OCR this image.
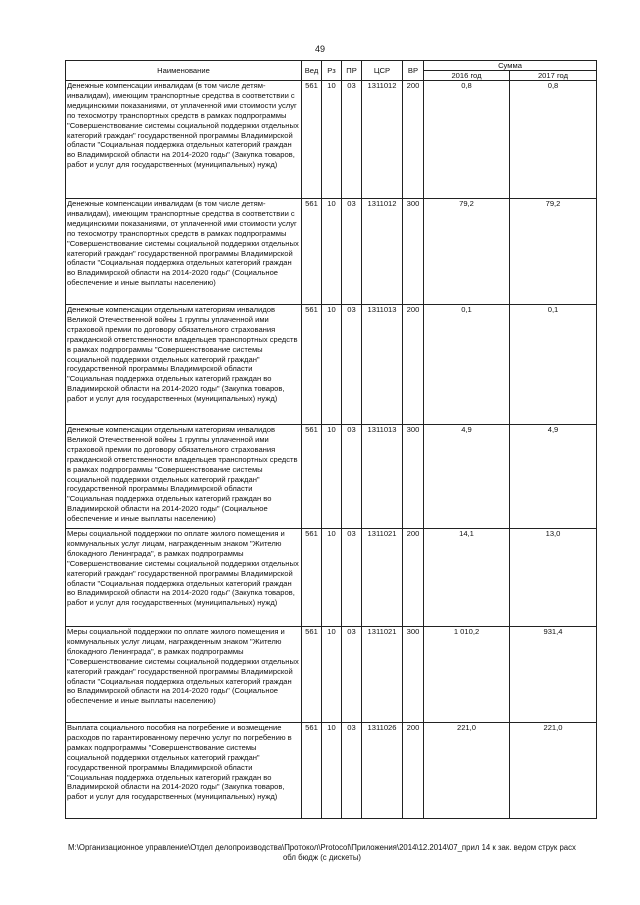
49
Наименование	Вед	Рз	ПР	ЦСР	ВР	Сумма	
						2016 год	2017 год
Денежные компенсации инвалидам (в том числе детям-инвалидам), имеющим транспортные средства в соответствии с медицинскими показаниями, от уплаченной ими стоимости услуг по техосмотру транспортных средств в рамках подпрограммы "Совершенствование системы социальной поддержки отдельных категорий граждан" государственной программы Владимирской области "Социальная поддержка отдельных категорий граждан во Владимирской области на 2014-2020 годы" (Закупка товаров, работ и услуг для государственных (муниципальных) нужд)	561	10	03	1311012	200	0,8	0,8
Денежные компенсации инвалидам (в том числе детям-инвалидам), имеющим транспортные средства в соответствии с медицинскими показаниями, от уплаченной ими стоимости услуг по техосмотру транспортных средств в рамках подпрограммы "Совершенствование системы социальной поддержки отдельных категорий граждан" государственной программы Владимирской области "Социальная поддержка отдельных категорий граждан во Владимирской области на 2014-2020 годы" (Социальное обеспечение и иные выплаты населению)	561	10	03	1311012	300	79,2	79,2
Денежные компенсации отдельным категориям инвалидов Великой Отечественной войны 1 группы уплаченной ими страховой премии по договору обязательного страхования гражданской ответственности владельцев транспортных средств в рамках подпрограммы "Совершенствование системы социальной поддержки отдельных категорий граждан" государственной программы Владимирской области "Социальная поддержка отдельных категорий граждан во Владимирской области на 2014-2020 годы" (Закупка товаров, работ и услуг для государственных (муниципальных) нужд)	561	10	03	1311013	200	0,1	0,1
Денежные компенсации отдельным категориям инвалидов Великой Отечественной войны 1 группы уплаченной ими страховой премии по договору обязательного страхования гражданской ответственности владельцев транспортных средств в рамках подпрограммы "Совершенствование системы социальной поддержки отдельных категорий граждан" государственной программы Владимирской области "Социальная поддержка отдельных категорий граждан во Владимирской области на 2014-2020 годы" (Социальное обеспечение и иные выплаты населению)	561	10	03	1311013	300	4,9	4,9
Меры социальной поддержки по оплате жилого помещения и коммунальных услуг лицам, награжденным знаком "Жителю блокадного Ленинграда", в рамках подпрограммы "Совершенствование системы социальной поддержки отдельных категорий граждан" государственной программы Владимирской области "Социальная поддержка отдельных категорий граждан во Владимирской области на 2014-2020 годы" (Закупка товаров, работ и услуг для государственных (муниципальных) нужд)	561	10	03	1311021	200	14,1	13,0
Меры социальной поддержки по оплате жилого помещения и коммунальных услуг лицам, награжденным знаком "Жителю блокадного Ленинграда", в рамках подпрограммы "Совершенствование системы социальной поддержки отдельных категорий граждан" государственной программы Владимирской области "Социальная поддержка отдельных категорий граждан во Владимирской области на 2014-2020 годы" (Социальное обеспечение и иные выплаты населению)	561	10	03	1311021	300	1 010,2	931,4
Выплата социального пособия на погребение и возмещение расходов по гарантированному перечню услуг по погребению в рамках подпрограммы "Совершенствование системы социальной поддержки отдельных категорий граждан" государственной программы Владимирской области "Социальная поддержка отдельных категорий граждан во Владимирской области на 2014-2020 годы" (Закупка товаров, работ и услуг для государственных (муниципальных) нужд)	561	10	03	1311026	200	221,0	221,0
M:\Организационное управление\Отдел делопроизводства\Протокол\Protocol\Приложения\2014\12.2014\07_прил 14 к зак. ведом струк расх
обл бюдж (с дискеты)
